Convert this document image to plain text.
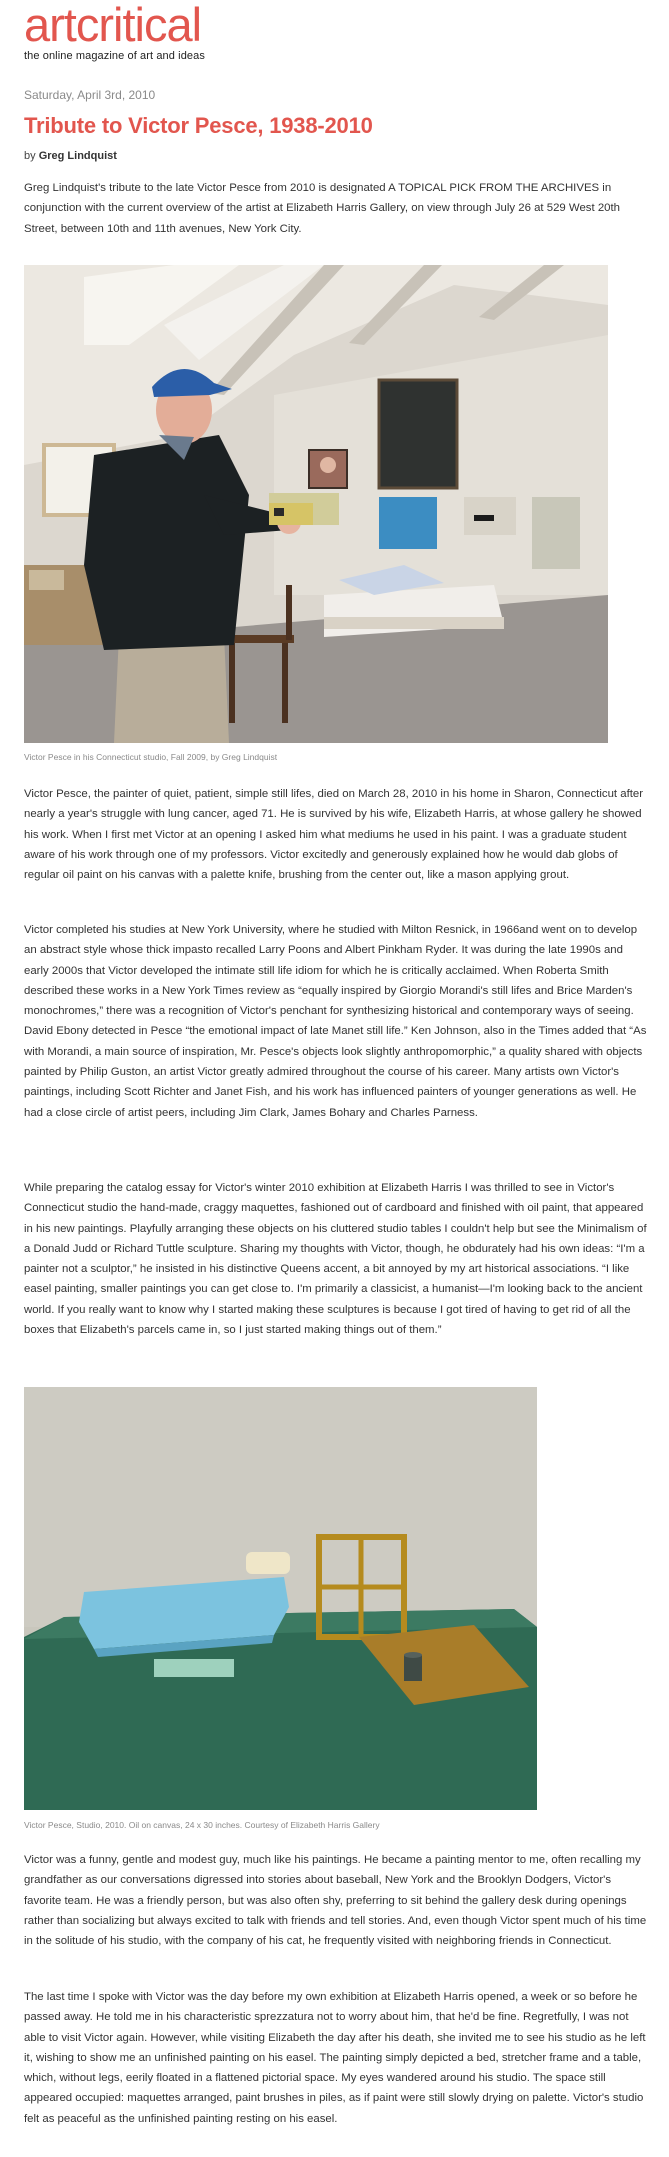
artcritical
the online magazine of art and ideas
Saturday, April 3rd, 2010
Tribute to Victor Pesce, 1938-2010
by Greg Lindquist

Greg Lindquist's tribute to the late Victor Pesce from 2010 is designated A TOPICAL PICK FROM THE ARCHIVES in conjunction with the current overview of the artist at Elizabeth Harris Gallery, on view through July 26 at 529 West 20th Street, between 10th and 11th avenues, New York City.

Victor Pesce in his Connecticut studio, Fall 2009, by Greg Lindquist

Victor Pesce, the painter of quiet, patient, simple still lifes, died on March 28, 2010 in his home in Sharon, Connecticut after nearly a year's struggle with lung cancer, aged 71. He is survived by his wife, Elizabeth Harris, at whose gallery he showed his work. When I first met Victor at an opening I asked him what mediums he used in his paint. I was a graduate student aware of his work through one of my professors. Victor excitedly and generously explained how he would dab globs of regular oil paint on his canvas with a palette knife, brushing from the center out, like a mason applying grout.

Victor completed his studies at New York University, where he studied with Milton Resnick, in 1966and went on to develop an abstract style whose thick impasto recalled Larry Poons and Albert Pinkham Ryder. It was during the late 1990s and early 2000s that Victor developed the intimate still life idiom for which he is critically acclaimed. When Roberta Smith described these works in a New York Times review as “equally inspired by Giorgio Morandi's still lifes and Brice Marden's monochromes,” there was a recognition of Victor's penchant for synthesizing historical and contemporary ways of seeing. David Ebony detected in Pesce “the emotional impact of late Manet still life.” Ken Johnson, also in the Times added that “As with Morandi, a main source of inspiration, Mr. Pesce's objects look slightly anthropomorphic,” a quality shared with objects painted by Philip Guston, an artist Victor greatly admired throughout the course of his career. Many artists own Victor's paintings, including Scott Richter and Janet Fish, and his work has influenced painters of younger generations as well. He had a close circle of artist peers, including Jim Clark, James Bohary and Charles Parness.

While preparing the catalog essay for Victor's winter 2010 exhibition at Elizabeth Harris I was thrilled to see in Victor's Connecticut studio the hand-made, craggy maquettes, fashioned out of cardboard and finished with oil paint, that appeared in his new paintings. Playfully arranging these objects on his cluttered studio tables I couldn't help but see the Minimalism of a Donald Judd or Richard Tuttle sculpture. Sharing my thoughts with Victor, though, he obdurately had his own ideas: “I'm a painter not a sculptor,” he insisted in his distinctive Queens accent, a bit annoyed by my art historical associations. “I like easel painting, smaller paintings you can get close to. I'm primarily a classicist, a humanist—I'm looking back to the ancient world. If you really want to know why I started making these sculptures is because I got tired of having to get rid of all the boxes that Elizabeth's parcels came in, so I just started making things out of them.”

Victor Pesce, Studio, 2010. Oil on canvas, 24 x 30 inches. Courtesy of Elizabeth Harris Gallery

Victor was a funny, gentle and modest guy, much like his paintings. He became a painting mentor to me, often recalling my grandfather as our conversations digressed into stories about baseball, New York and the Brooklyn Dodgers, Victor's favorite team. He was a friendly person, but was also often shy, preferring to sit behind the gallery desk during openings rather than socializing but always excited to talk with friends and tell stories. And, even though Victor spent much of his time in the solitude of his studio, with the company of his cat, he frequently visited with neighboring friends in Connecticut.

The last time I spoke with Victor was the day before my own exhibition at Elizabeth Harris opened, a week or so before he passed away. He told me in his characteristic sprezzatura not to worry about him, that he'd be fine. Regretfully, I was not able to visit Victor again. However, while visiting Elizabeth the day after his death, she invited me to see his studio as he left it, wishing to show me an unfinished painting on his easel. The painting simply depicted a bed, stretcher frame and a table, which, without legs, eerily floated in a flattened pictorial space. My eyes wandered around his studio. The space still appeared occupied: maquettes arranged, paint brushes in piles, as if paint were still slowly drying on palette. Victor's studio felt as peaceful as the unfinished painting resting on his easel.
